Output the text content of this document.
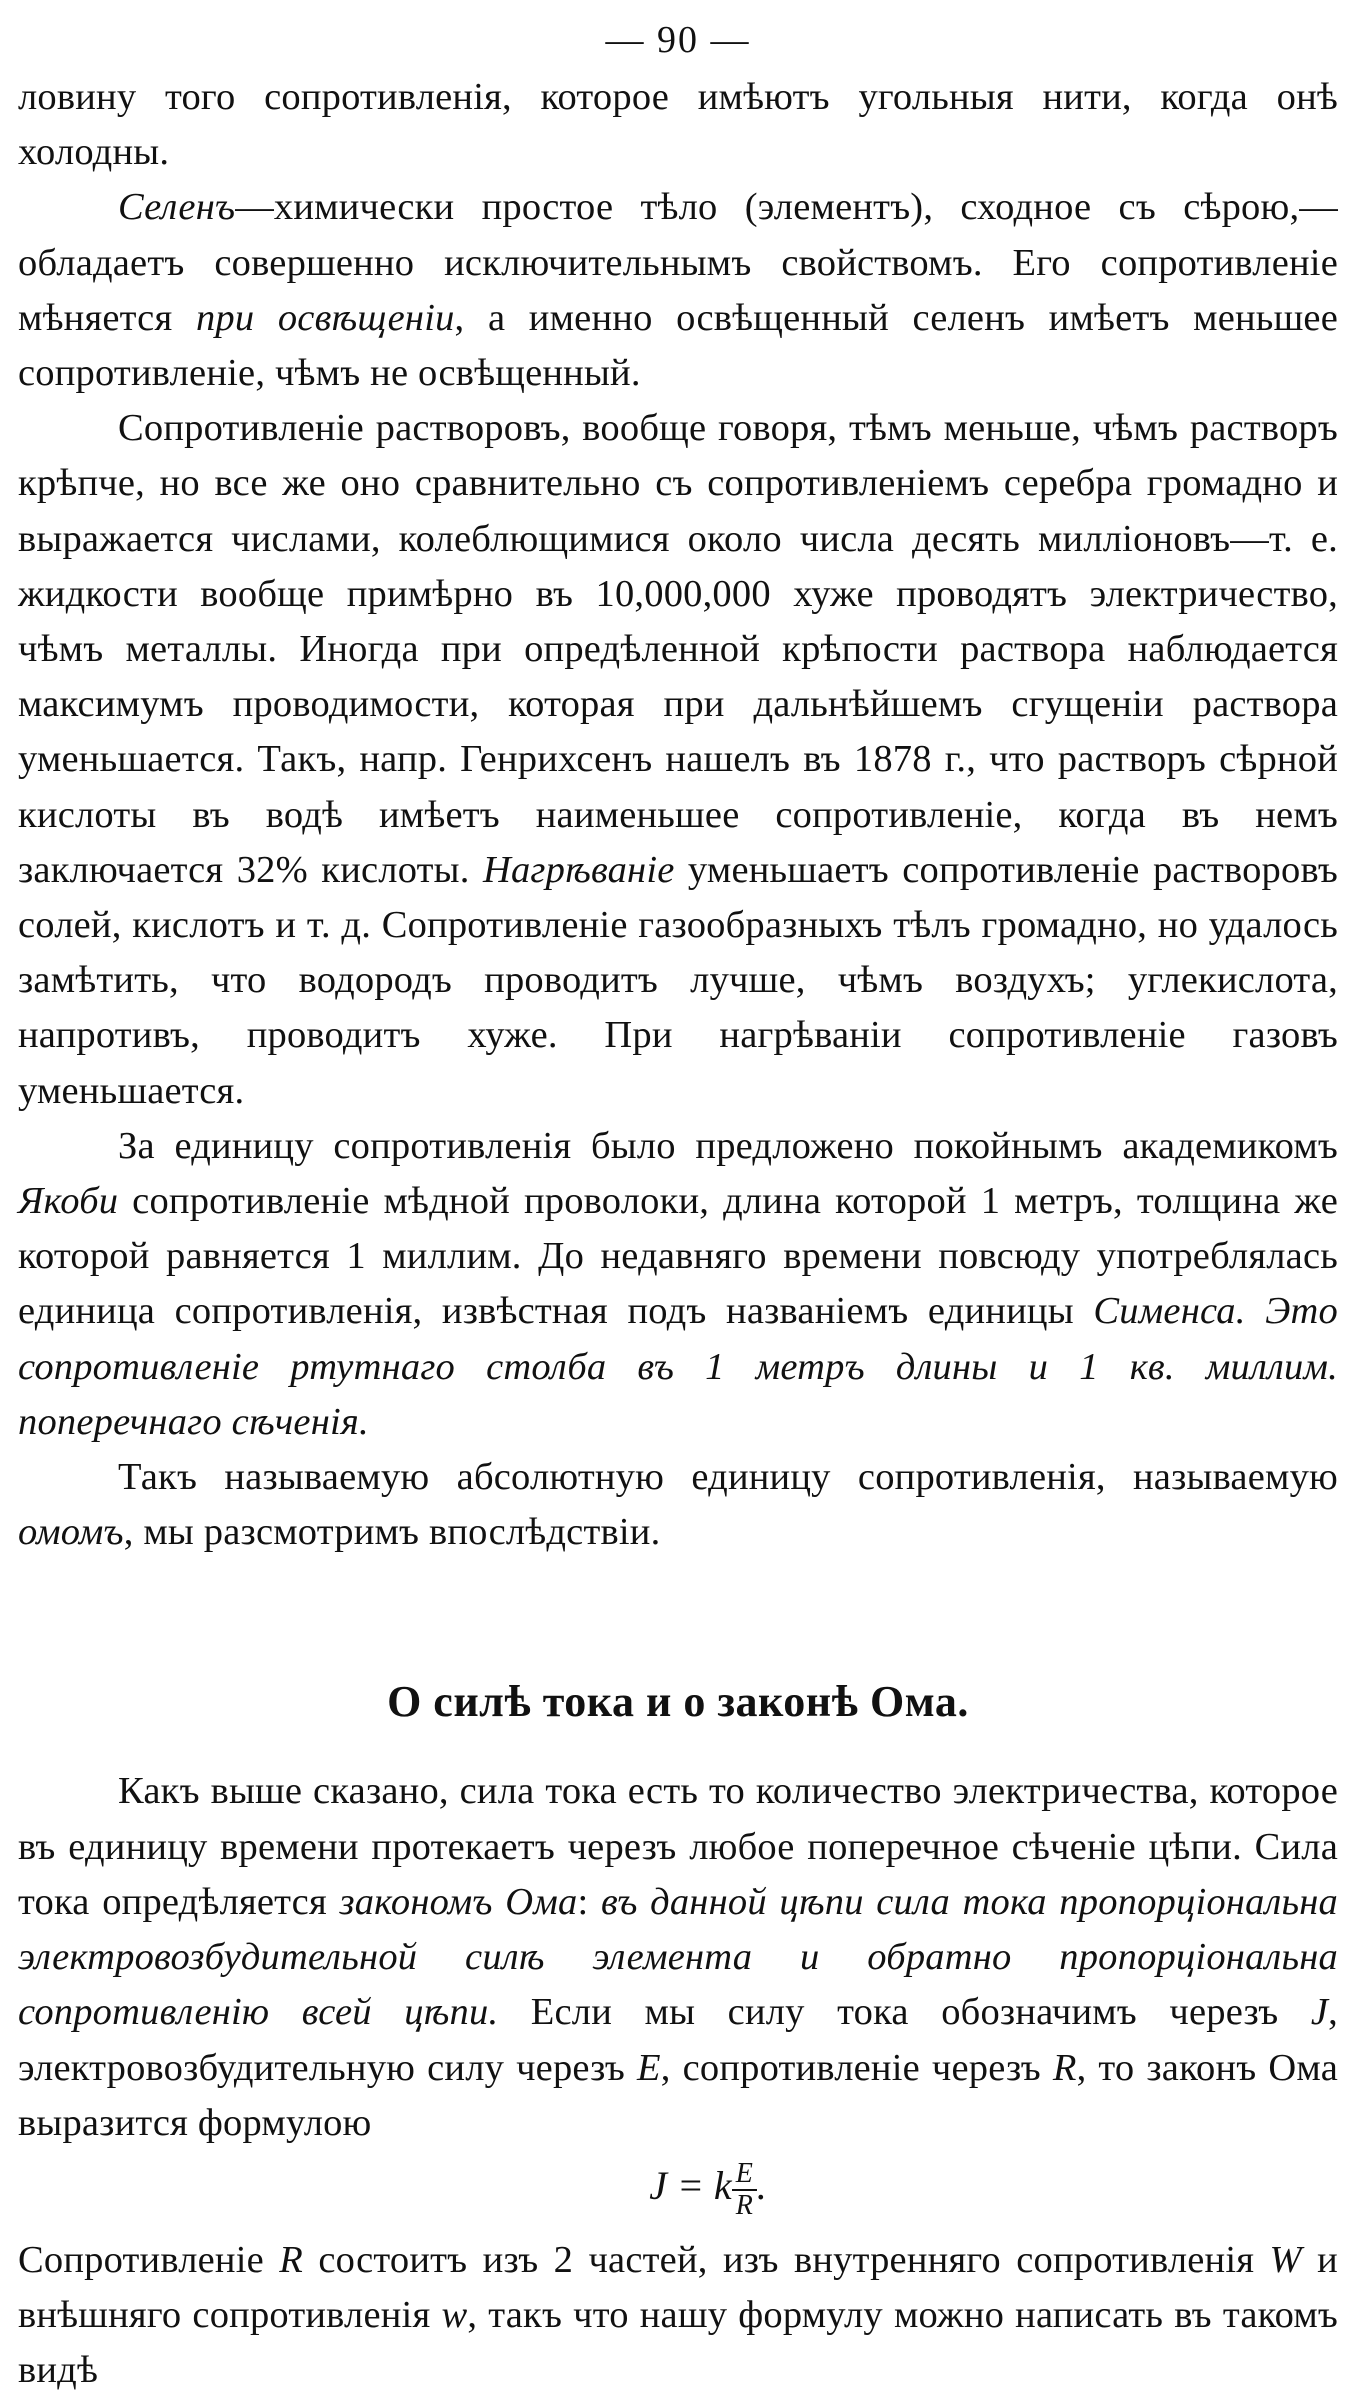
— 90 —

ловину того сопротивленія, которое имѣютъ угольныя нити, когда онѣ холодны.

Селенъ—химически простое тѣло (элементъ), сходное съ сѣрою,— обладаетъ совершенно исключительнымъ свойствомъ. Его сопротивленіе мѣняется при освѣщеніи, а именно освѣщенный селенъ имѣетъ меньшее сопротивленіе, чѣмъ не освѣщенный.

Сопротивленіе растворовъ, вообще говоря, тѣмъ меньше, чѣмъ растворъ крѣпче, но все же оно сравнительно съ сопротивленіемъ серебра громадно и выражается числами, колеблющимися около числа десять милліоновъ—т. е. жидкости вообще примѣрно въ 10,000,000 хуже проводятъ электричество, чѣмъ металлы. Иногда при опредѣленной крѣпости раствора наблюдается максимумъ проводимости, которая при дальнѣйшемъ сгущеніи раствора уменьшается. Такъ, напр. Генрихсенъ нашелъ въ 1878 г., что растворъ сѣрной кислоты въ водѣ имѣетъ наименьшее сопротивленіе, когда въ немъ заключается 32% кислоты. Нагрѣваніе уменьшаетъ сопротивленіе растворовъ солей, кислотъ и т. д. Сопротивленіе газообразныхъ тѣлъ громадно, но удалось замѣтить, что водородъ проводитъ лучше, чѣмъ воздухъ; углекислота, напротивъ, проводитъ хуже. При нагрѣваніи сопротивленіе газовъ уменьшается.

За единицу сопротивленія было предложено покойнымъ академикомъ Якоби сопротивленіе мѣдной проволоки, длина которой 1 метръ, толщина же которой равняется 1 миллим. До недавняго времени повсюду употреблялась единица сопротивленія, извѣстная подъ названіемъ единицы Сименса. Это сопротивленіе ртутнаго столба въ 1 метръ длины и 1 кв. миллим. поперечнаго сѣченія.

Такъ называемую абсолютную единицу сопротивленія, называемую омомъ, мы разсмотримъ впослѣдствіи.

О силѣ тока и о законѣ Ома.

Какъ выше сказано, сила тока есть то количество электричества, которое въ единицу времени протекаетъ черезъ любое поперечное сѣченіе цѣпи. Сила тока опредѣляется закономъ Ома: въ данной цѣпи сила тока пропорціональна электровозбудительной силѣ элемента и обратно пропорціональна сопротивленію всей цѣпи. Если мы силу тока обозначимъ черезъ J, электровозбудительную силу черезъ E, сопротивленіе черезъ R, то законъ Ома выразится формулою

J = k $\frac{E}{R}$ .

Сопротивленіе R состоитъ изъ 2 частей, изъ внутренняго сопротивленія W и внѣшняго сопротивленія w, такъ что нашу формулу можно написать въ такомъ видѣ
